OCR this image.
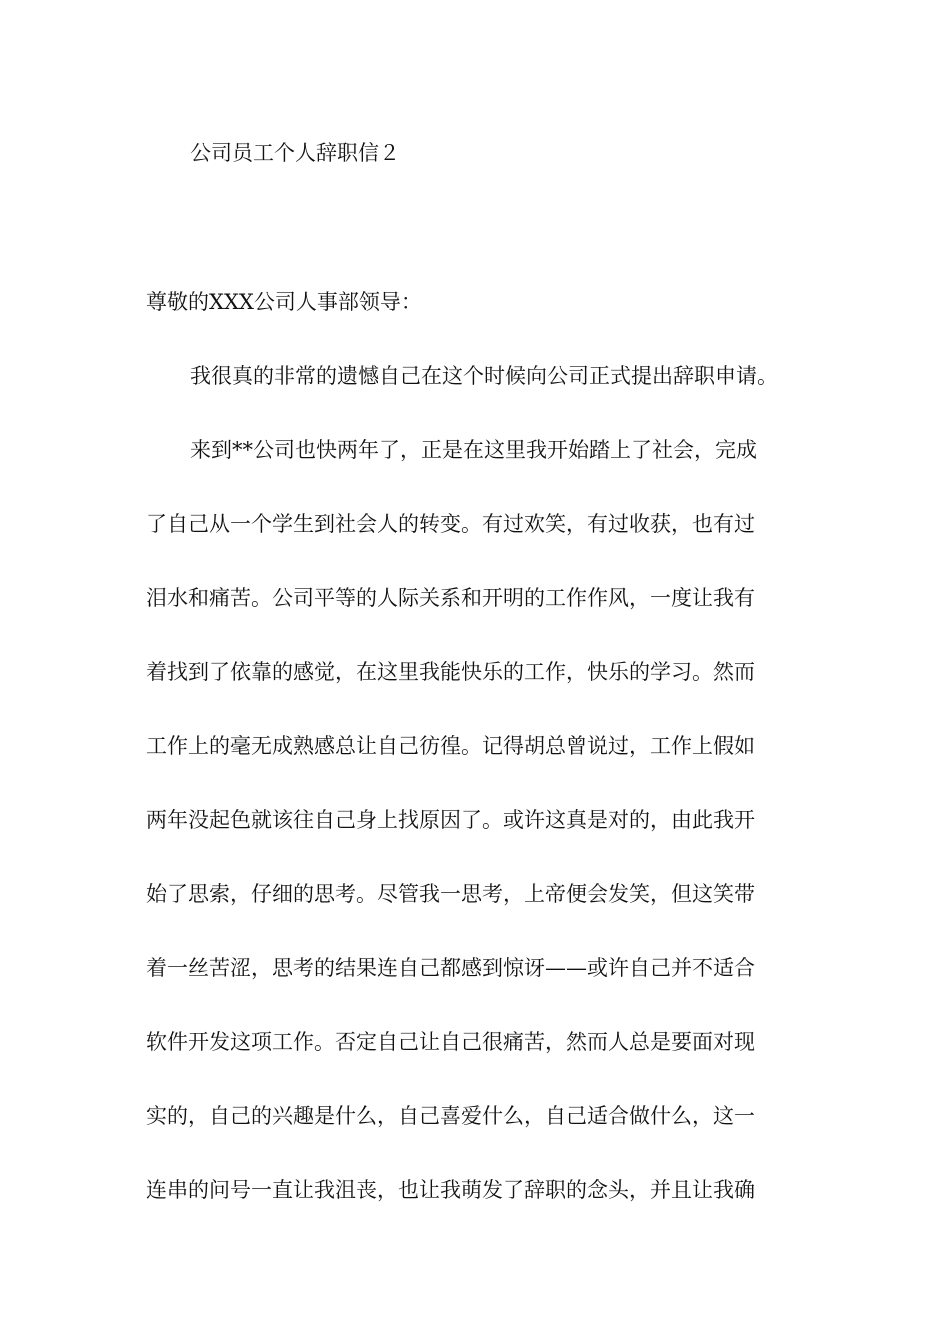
公司员工个人辞职信２
尊敬的XXX公司人事部领导：
我很真的非常的遗憾自己在这个时候向公司正式提出辞职申请。
来到**公司也快两年了，正是在这里我开始踏上了社会，完成
了自己从一个学生到社会人的转变。有过欢笑，有过收获，也有过
泪水和痛苦。公司平等的人际关系和开明的工作作风，一度让我有
着找到了依靠的感觉，在这里我能快乐的工作，快乐的学习。然而
工作上的毫无成熟感总让自己彷徨。记得胡总曾说过，工作上假如
两年没起色就该往自己身上找原因了。或许这真是对的，由此我开
始了思索，仔细的思考。尽管我一思考，上帝便会发笑，但这笑带
着一丝苦涩，思考的结果连自己都感到惊讶——或许自己并不适合
软件开发这项工作。否定自己让自己很痛苦，然而人总是要面对现
实的，自己的兴趣是什么，自己喜爱什么，自己适合做什么，这一
连串的问号一直让我沮丧，也让我萌发了辞职的念头，并且让我确
